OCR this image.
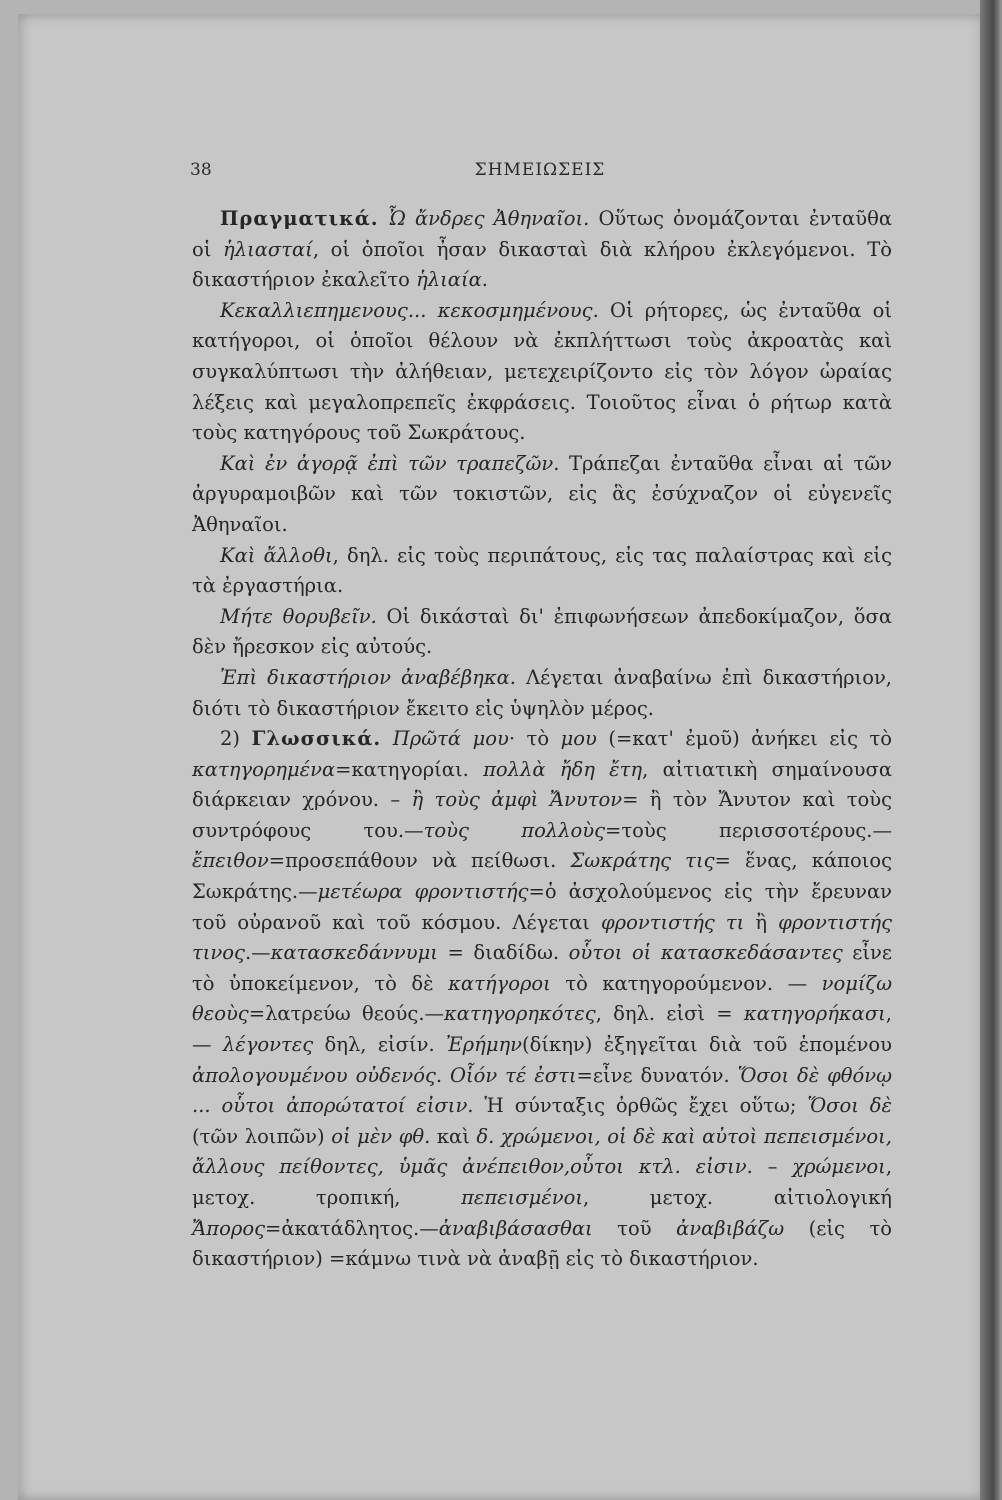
38	ΣΗΜΕΙΩΣΕΙΣ

Πραγματικά. Ὦ ἄνδρες Ἀθηναῖοι. Οὕτως ὀνομάζονται ἐνταῦθα οἱ ἡλιασταί, οἱ ὁποῖοι ἦσαν δικασταὶ διὰ κλήρου ἐκλεγόμενοι. Τὸ δικαστήριον ἐκαλεῖτο ἡλιαία.

Κεκαλλιεπημενους... κεκοσμημένους. Οἱ ρήτορες, ὡς ἐνταῦθα οἱ κατήγοροι, οἱ ὁποῖοι θέλουν νὰ ἐκπλήττωσι τοὺς ἀκροατὰς καὶ συγκαλύπτωσι τὴν ἀλήθειαν, μετεχειρίζοντο εἰς τὸν λόγον ὡραίας λέξεις καὶ μεγαλοπρεπεῖς ἐκφράσεις. Τοιοῦτος εἶναι ὁ ρήτωρ κατὰ τοὺς κατηγόρους τοῦ Σωκράτους.

Καὶ ἐν ἀγορᾷ ἐπὶ τῶν τραπεζῶν. Τράπεζαι ἐνταῦθα εἶναι αἱ τῶν ἀργυραμοιβῶν καὶ τῶν τοκιστῶν, εἰς ἃς ἐσύχναζον οἱ εὐγενεῖς Ἀθηναῖοι.

Καὶ ἄλλοθι, δηλ. εἰς τοὺς περιπάτους, εἰς τας παλαίστρας καὶ εἰς τὰ ἐργαστήρια.

Μήτε θορυβεῖν. Οἱ δικάσταὶ δι' ἐπιφωνήσεων ἀπεδοκίμαζον, ὅσα δὲν ἤρεσκον εἰς αὐτούς.

Ἐπὶ δικαστήριον ἀναβέβηκα. Λέγεται ἀναβαίνω ἐπὶ δικαστήριον, διότι τὸ δικαστήριον ἔκειτο εἰς ὑψηλὸν μέρος.

2) Γλωσσικά. Πρῶτά μου· τὸ μου (=κατ' ἐμοῦ) ἀνήκει εἰς τὸ κατηγορημένα=κατηγορίαι. πολλὰ ἤδη ἔτη, αἰτιατικὴ σημαίνουσα διάρκειαν χρόνου. – ἢ τοὺς ἀμφὶ Ἄνυτον= ἢ τὸν Ἄνυτον καὶ τοὺς συντρόφους του.—τοὺς πολλοὺς=τοὺς περισσοτέρους.—ἔπειθον=προσεπάθουν νὰ πείθωσι. Σωκράτης τις= ἕνας, κάποιος Σωκράτης.—μετέωρα φροντιστής=ὁ ἀσχολούμενος εἰς τὴν ἔρευναν τοῦ οὐρανοῦ καὶ τοῦ κόσμου. Λέγεται φροντιστής τι ἢ φροντιστής τινος.—κατασκεδάννυμι = διαδίδω. οὗτοι οἱ κατασκεδάσαντες εἶνε τὸ ὑποκείμενον, τὸ δὲ κατήγοροι τὸ κατηγορούμενον. — νομίζω θεοὺς=λατρεύω θεούς.—κατηγορηκότες, δηλ. εἰσὶ = κατηγορήκασι, — λέγοντες δηλ, εἰσίν. Ἐρήμην(δίκην) ἐξηγεῖται διὰ τοῦ ἑπομένου ἀπολογουμένου οὐδενός. Οἷόν τέ ἐστι=εἶνε δυνατόν. Ὅσοι δὲ φθόνῳ ... οὗτοι ἀπορώτατοί εἰσιν. Ἡ σύνταξις ὀρθῶς ἔχει οὕτω; Ὅσοι δὲ (τῶν λοιπῶν) οἱ μὲν φθ. καὶ δ. χρώμενοι, οἱ δὲ καὶ αὐτοὶ πεπεισμένοι, ἄλλους πείθοντες, ὑμᾶς ἀνέπειθον,οὗτοι κτλ. εἰσιν. – χρώμενοι, μετοχ. τροπική, πεπεισμένοι, μετοχ. αἰτιολογική Ἄπορος=ἀκατάδλητος.—ἀναβιβάσασθαι τοῦ ἀναβιβάζω (εἰς τὸ δικαστήριον) =κάμνω τινὰ νὰ ἀναβῇ εἰς τὸ δικαστήριον.
